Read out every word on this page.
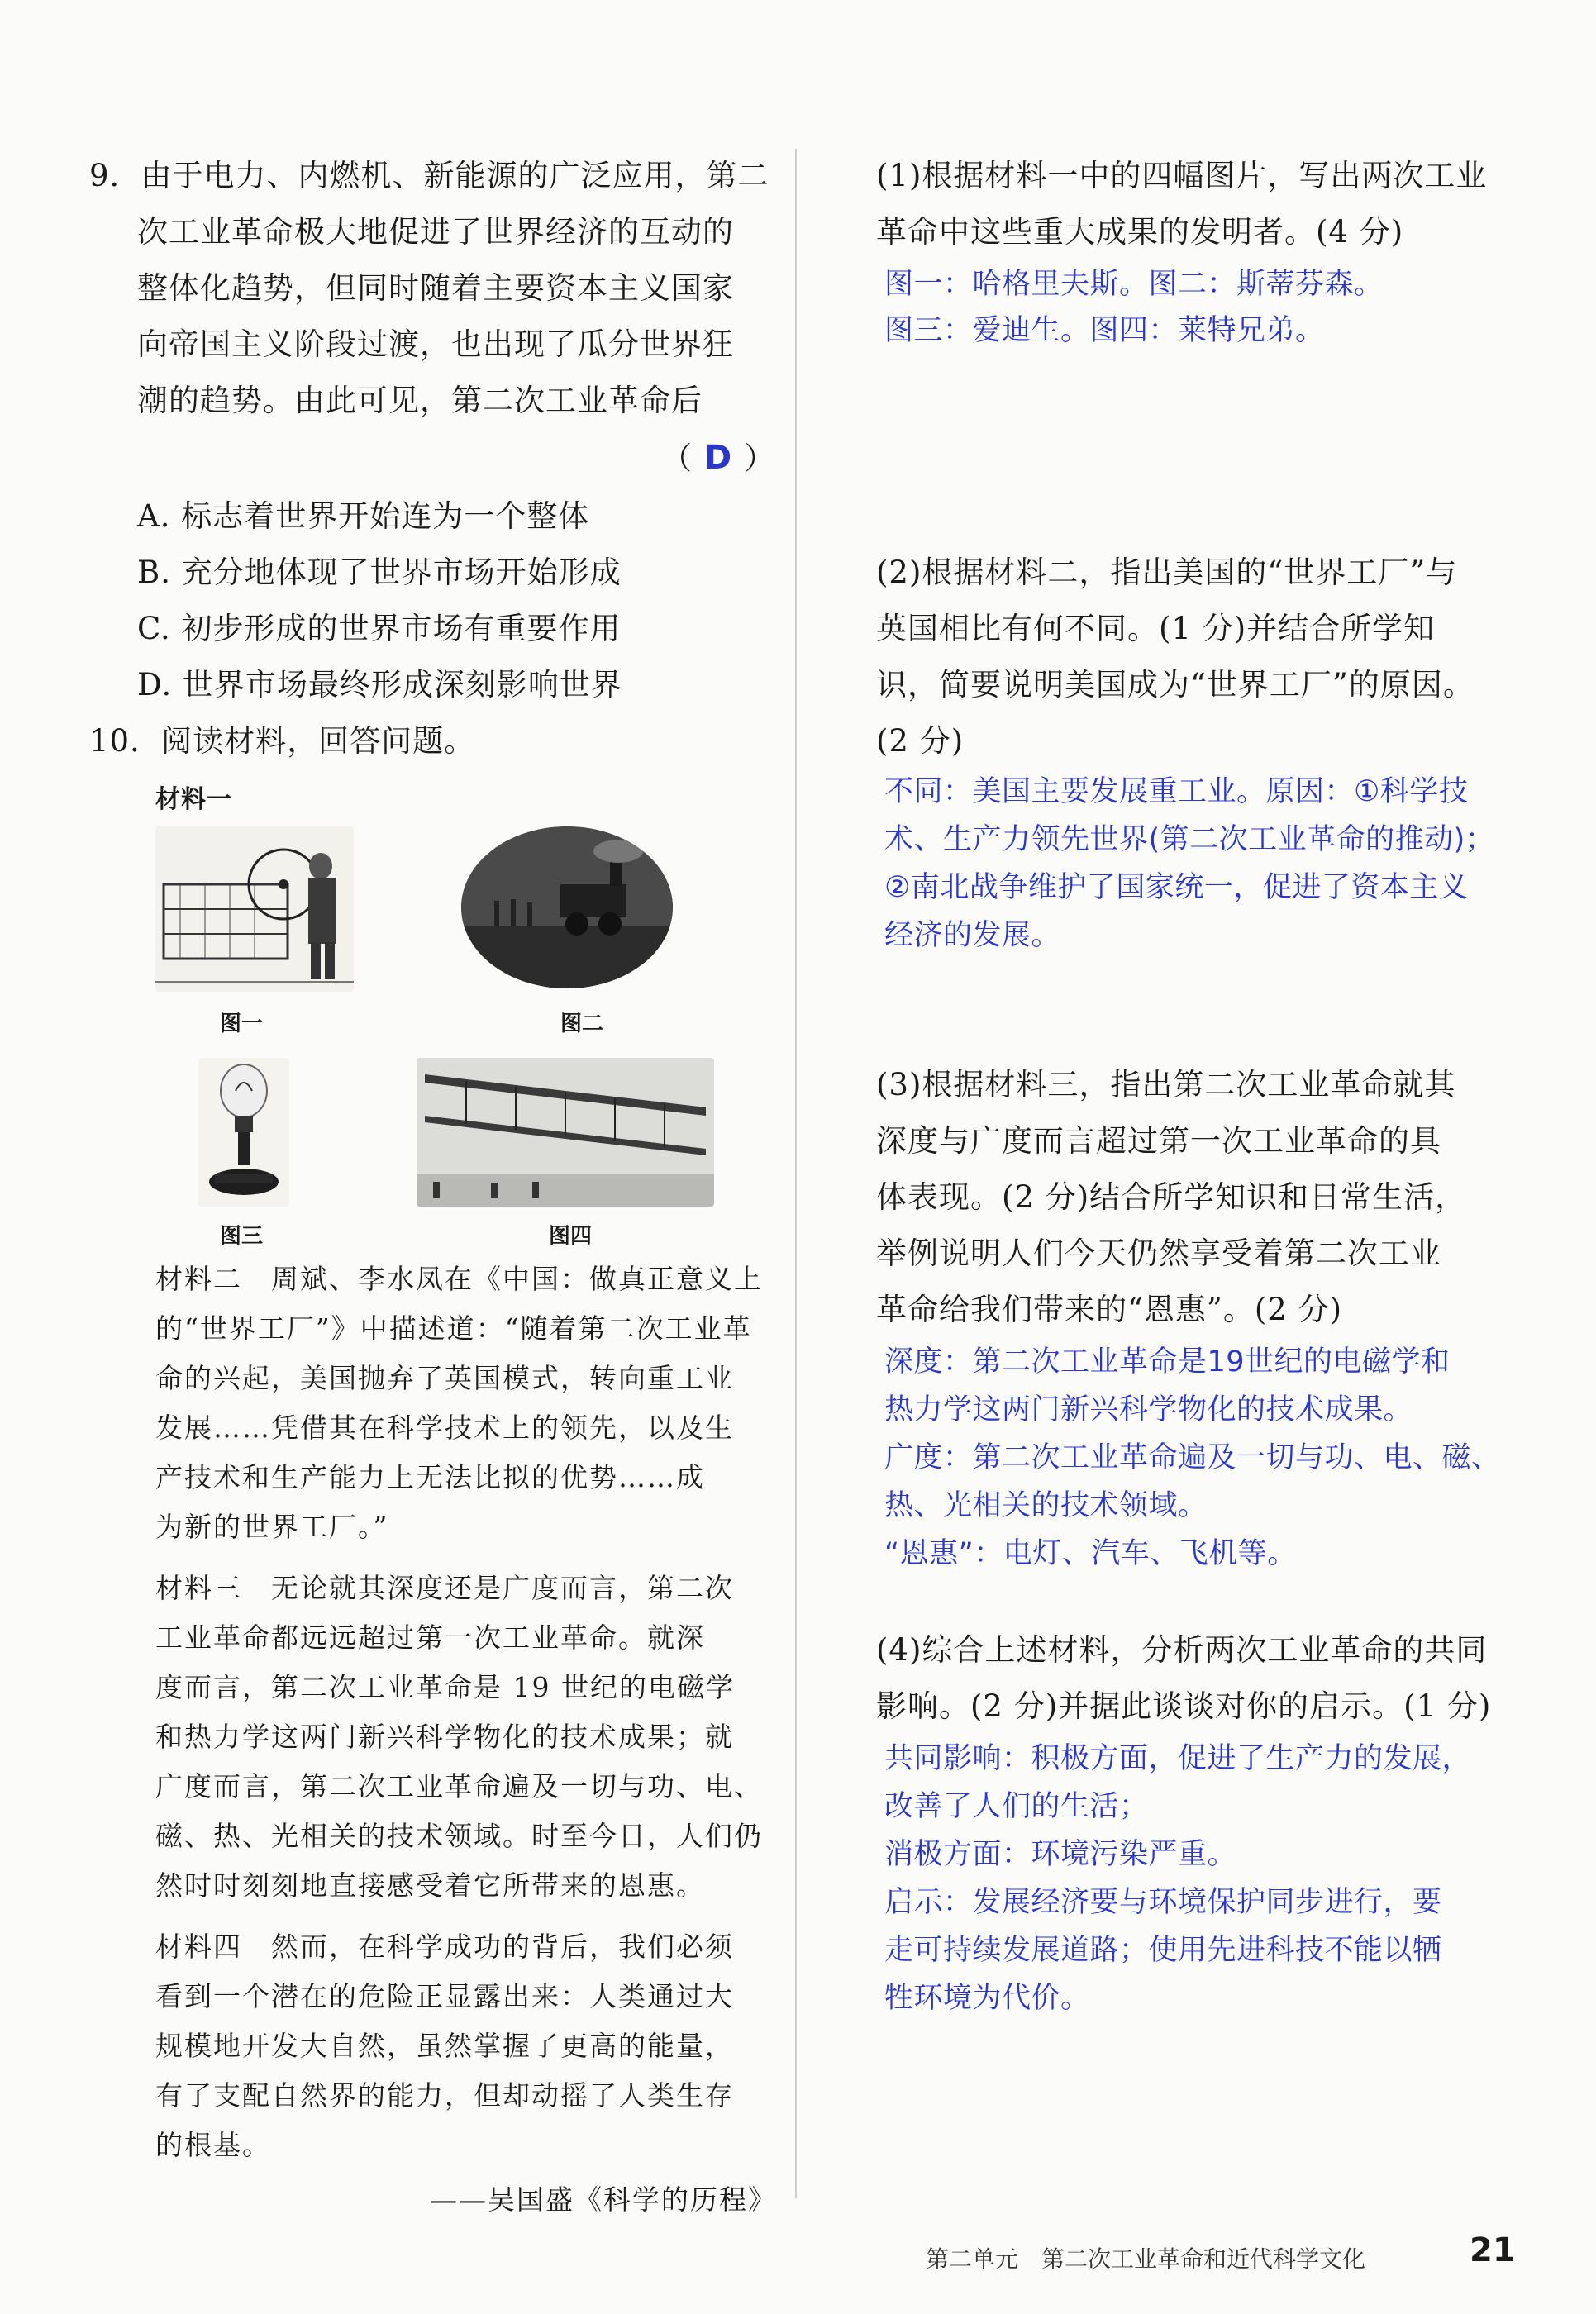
9．由于电力、内燃机、新能源的广泛应用，第二
次工业革命极大地促进了世界经济的互动的
整体化趋势，但同时随着主要资本主义国家
向帝国主义阶段过渡，也出现了瓜分世界狂
潮的趋势。由此可见，第二次工业革命后
（ D ）
A. 标志着世界开始连为一个整体
B. 充分地体现了世界市场开始形成
C. 初步形成的世界市场有重要作用
D. 世界市场最终形成深刻影响世界
10．阅读材料，回答问题。
材料一
图一	图二
图三	图四
材料二　周斌、李水凤在《中国：做真正意义上
的“世界工厂”》中描述道：“随着第二次工业革
命的兴起，美国抛弃了英国模式，转向重工业
发展……凭借其在科学技术上的领先，以及生
产技术和生产能力上无法比拟的优势……成
为新的世界工厂。”
材料三　无论就其深度还是广度而言，第二次
工业革命都远远超过第一次工业革命。就深
度而言，第二次工业革命是 19 世纪的电磁学
和热力学这两门新兴科学物化的技术成果；就
广度而言，第二次工业革命遍及一切与功、电、
磁、热、光相关的技术领域。时至今日，人们仍
然时时刻刻地直接感受着它所带来的恩惠。
材料四　然而，在科学成功的背后，我们必须
看到一个潜在的危险正显露出来：人类通过大
规模地开发大自然，虽然掌握了更高的能量，
有了支配自然界的能力，但却动摇了人类生存
的根基。
——吴国盛《科学的历程》
(1)根据材料一中的四幅图片，写出两次工业
革命中这些重大成果的发明者。(4 分)
图一：哈格里夫斯。图二：斯蒂芬森。
图三：爱迪生。图四：莱特兄弟。
(2)根据材料二，指出美国的“世界工厂”与
英国相比有何不同。(1 分)并结合所学知
识，简要说明美国成为“世界工厂”的原因。
(2 分)
不同：美国主要发展重工业。原因：①科学技
术、生产力领先世界(第二次工业革命的推动)；
②南北战争维护了国家统一，促进了资本主义
经济的发展。
(3)根据材料三，指出第二次工业革命就其
深度与广度而言超过第一次工业革命的具
体表现。(2 分)结合所学知识和日常生活，
举例说明人们今天仍然享受着第二次工业
革命给我们带来的“恩惠”。(2 分)
深度：第二次工业革命是19世纪的电磁学和
热力学这两门新兴科学物化的技术成果。
广度：第二次工业革命遍及一切与功、电、磁、
热、光相关的技术领域。
“恩惠”：电灯、汽车、飞机等。
(4)综合上述材料，分析两次工业革命的共同
影响。(2 分)并据此谈谈对你的启示。(1 分)
共同影响：积极方面，促进了生产力的发展，
改善了人们的生活；
消极方面：环境污染严重。
启示：发展经济要与环境保护同步进行，要
走可持续发展道路；使用先进科技不能以牺
牲环境为代价。
第二单元　第二次工业革命和近代科学文化	21
